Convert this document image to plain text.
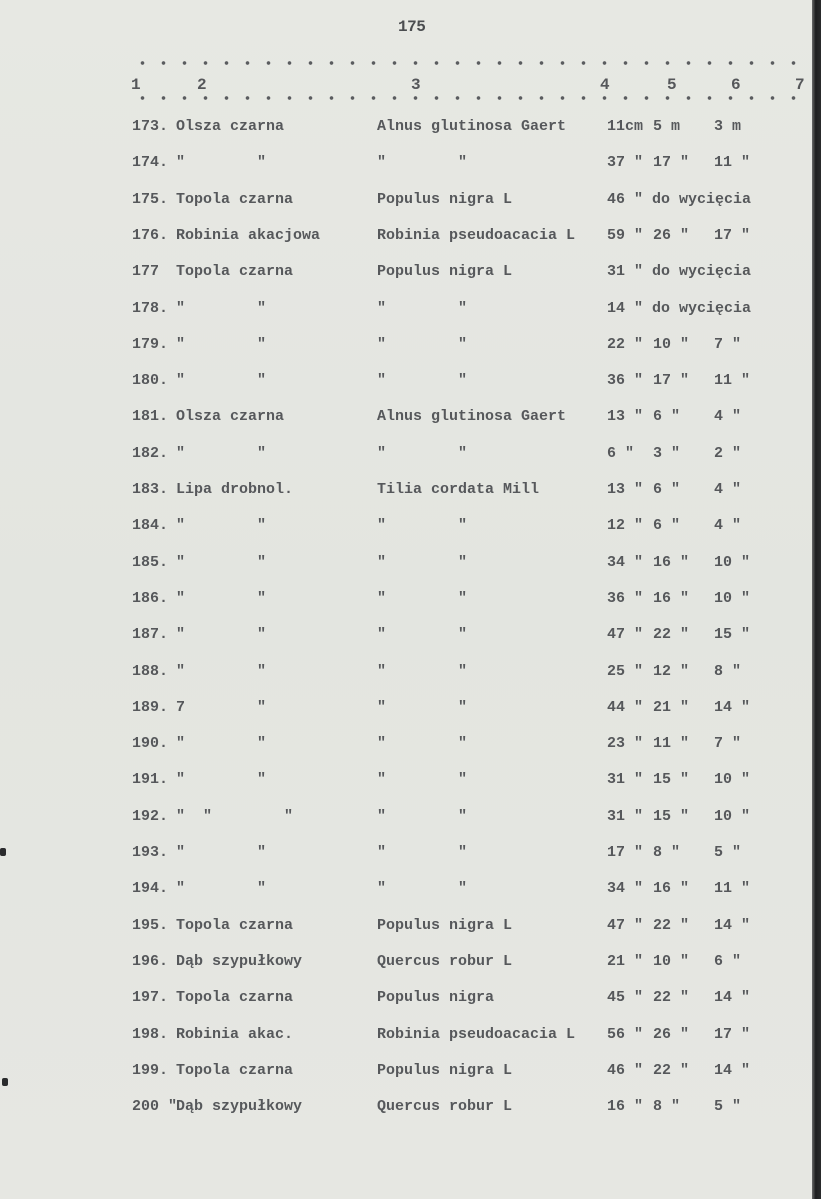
175
1	2	3	4	5	6	7
173. Olsza czarna	Alnus glutinosa Gaert	11cm 5 m 3 m
174. "        "	"        "	37 " 17 " 11 "
175. Topola czarna	Populus nigra L	46 " do wycięcia
176. Robinia akacjowa	Robinia pseudoacacia L 59 " 26 " 17 "
177 Topola czarna	Populus nigra L	31 " do wycięcia
178. "        "	"        "	14 " do wycięcia
179. "        "	"        "	22 " 10 " 7 "
180. "        "	"        "	36 " 17 " 11 "
181. Olsza czarna	Alnus glutinosa Gaert	13 " 6 " 4 "
182. "        "	"        "	6 " 3 " 2 "
183. Lipa drobnol.	Tilia cordata Mill	13 " 6 " 4 "
184. "        "	"        "	12 " 6 " 4 "
185. "        "	"        "	34 " 16 " 10 "
186. "        "	"        "	36 " 16 " 10 "
187. "        "	"        "	47 " 22 " 15 "
188. "        "	"        "	25 " 12 " 8 "
189. 7        "	"        "	44 " 21 " 14 "
190. "        "	"        "	23 " 11 " 7 "
191. "        "	"        "	31 " 15 " 10 "
192. "  "        "	"        "	31 " 15 " 10 "
193. "        "	"        "	17 " 8 " 5 "
194. "        "	"        "	34 " 16 " 11 "
195. Topola czarna	Populus nigra L	47 " 22 " 14 "
196. Dąb szypułkowy	Quercus robur L	21 " 10 " 6 "
197. Topola czarna	Populus nigra	45 " 22 " 14 "
198. Robinia akac.	Robinia pseudoacacia L 56 " 26 " 17 "
199. Topola czarna	Populus nigra L	46 " 22 " 14 "
200 "
Dąb szypułkowy	Quercus robur L	16 " 8 " 5 "
